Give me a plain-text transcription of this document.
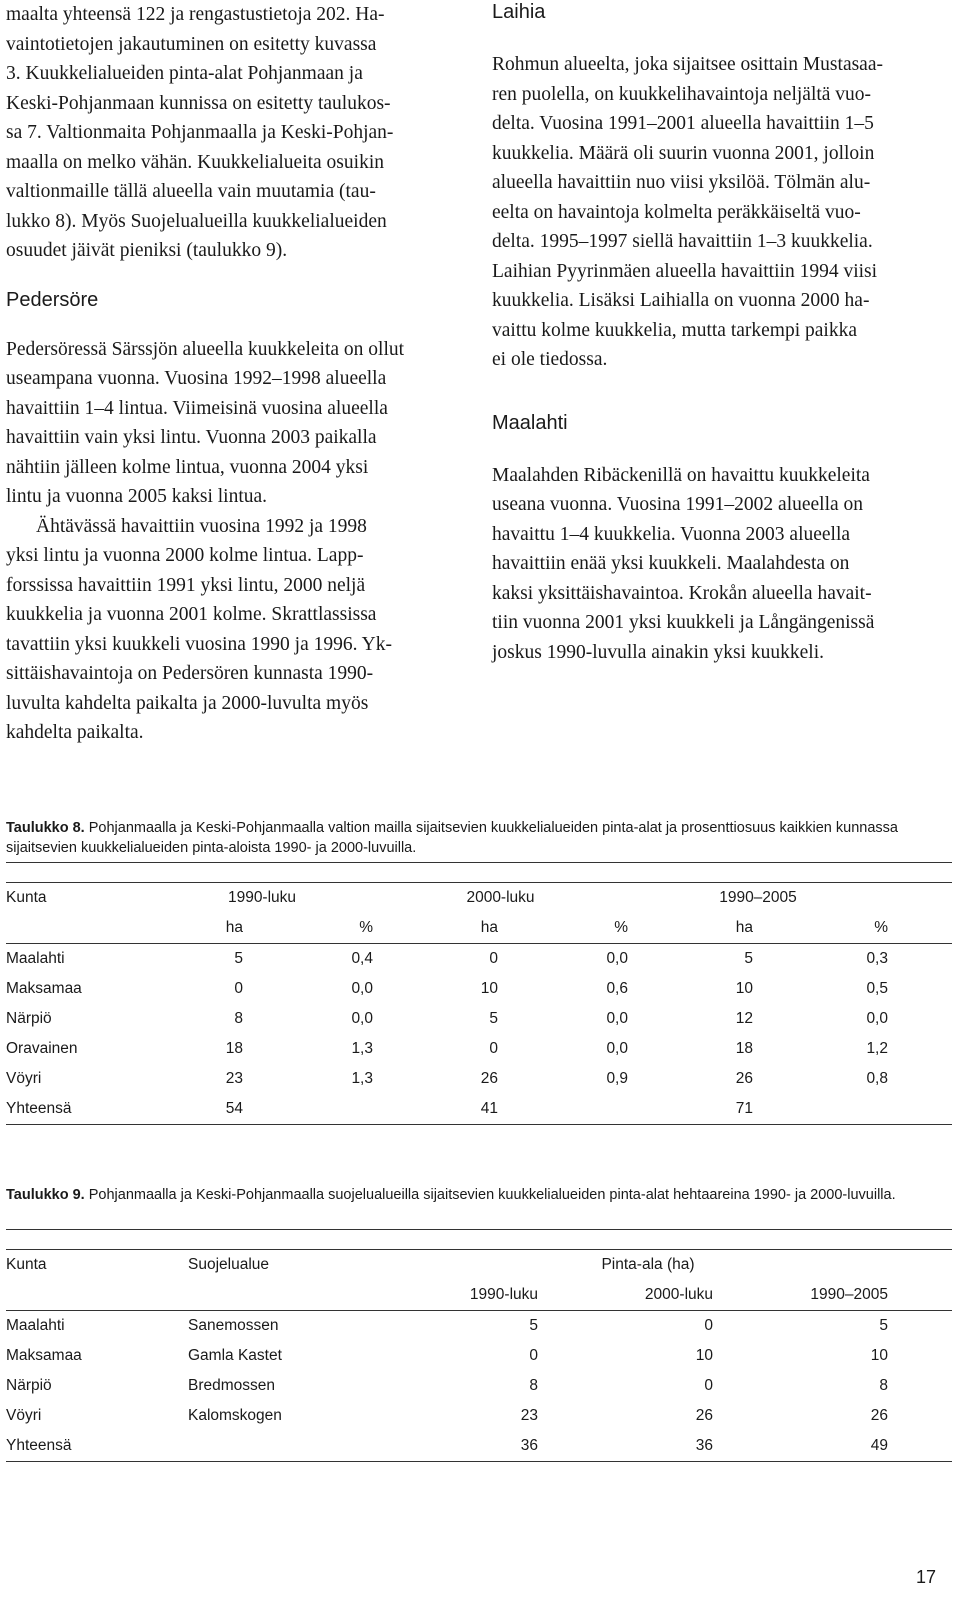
maalta yhteensä 122 ja rengastustietoja 202. Ha-
vaintotietojen jakautuminen on esitetty kuvassa
3. Kuukkelialueiden pinta-alat Pohjanmaan ja
Keski-Pohjanmaan kunnissa on esitetty taulukos-
sa 7. Valtionmaita Pohjanmaalla ja Keski-Pohjan-
maalla on melko vähän. Kuukkelialueita osuikin
valtionmaille tällä alueella vain muutamia (tau-
lukko 8). Myös Suojelualueilla kuukkelialueiden
osuudet jäivät pieniksi (taulukko 9).

Pedersöre

Pedersöressä Särssjön alueella kuukkeleita on ollut
useampana vuonna. Vuosina 1992–1998 alueella
havaittiin 1–4 lintua. Viimeisinä vuosina alueella
havaittiin vain yksi lintu. Vuonna 2003 paikalla
nähtiin jälleen kolme lintua, vuonna 2004 yksi
lintu ja vuonna 2005 kaksi lintua.

Ähtävässä havaittiin vuosina 1992 ja 1998
yksi lintu ja vuonna 2000 kolme lintua. Lapp-
forssissa havaittiin 1991 yksi lintu, 2000 neljä
kuukkelia ja vuonna 2001 kolme. Skrattlassissa
tavattiin yksi kuukkeli vuosina 1990 ja 1996. Yk-
sittäishavaintoja on Pedersören kunnasta 1990-
luvulta kahdelta paikalta ja 2000-luvulta myös
kahdelta paikalta.

Laihia

Rohmun alueelta, joka sijaitsee osittain Mustasaa-
ren puolella, on kuukkelihavaintoja neljältä vuo-
delta. Vuosina 1991–2001 alueella havaittiin 1–5
kuukkelia. Määrä oli suurin vuonna 2001, jolloin
alueella havaittiin nuo viisi yksilöä. Tölmän alu-
eelta on havaintoja kolmelta peräkkäiseltä vuo-
delta. 1995–1997 siellä havaittiin 1–3 kuukkelia.
Laihian Pyyrinmäen alueella havaittiin 1994 viisi
kuukkelia. Lisäksi Laihialla on vuonna 2000 ha-
vaittu kolme kuukkelia, mutta tarkempi paikka
ei ole tiedossa.

Maalahti

Maalahden Ribäckenillä on havaittu kuukkeleita
useana vuonna. Vuosina 1991–2002 alueella on
havaittu 1–4 kuukkelia. Vuonna 2003 alueella
havaittiin enää yksi kuukkeli. Maalahdesta on
kaksi yksittäishavaintoa. Krokån alueella havait-
tiin vuonna 2001 yksi kuukkeli ja Långängenissä
joskus 1990-luvulla ainakin yksi kuukkeli.

Taulukko 8. Pohjanmaalla ja Keski-Pohjanmaalla valtion mailla sijaitsevien kuukkelialueiden pinta-alat ja prosenttiosuus kaikkien kunnassa sijaitsevien kuukkelialueiden pinta-aloista 1990- ja 2000-luvuilla.
Kunta	1990-luku		2000-luku		1990–2005		
	ha	%	ha	%	ha	%	
Maalahti	5	0,4	0	0,0	5	0,3	
Maksamaa	0	0,0	10	0,6	10	0,5	
Närpiö	8	0,0	5	0,0	12	0,0	
Oravainen	18	1,3	0	0,0	18	1,2	
Vöyri	23	1,3	26	0,9	26	0,8	
Yhteensä	54		41		71		
Taulukko 9. Pohjanmaalla ja Keski-Pohjanmaalla suojelualueilla sijaitsevien kuukkelialueiden pinta-alat hehtaareina 1990- ja 2000-luvuilla.
Kunta	Suojelualue	Pinta-ala (ha)			
		1990-luku	2000-luku	1990–2005	
Maalahti	Sanemossen	5	0	5	
Maksamaa	Gamla Kastet	0	10	10	
Närpiö	Bredmossen	8	0	8	
Vöyri	Kalomskogen	23	26	26	
Yhteensä		36	36	49	
17
